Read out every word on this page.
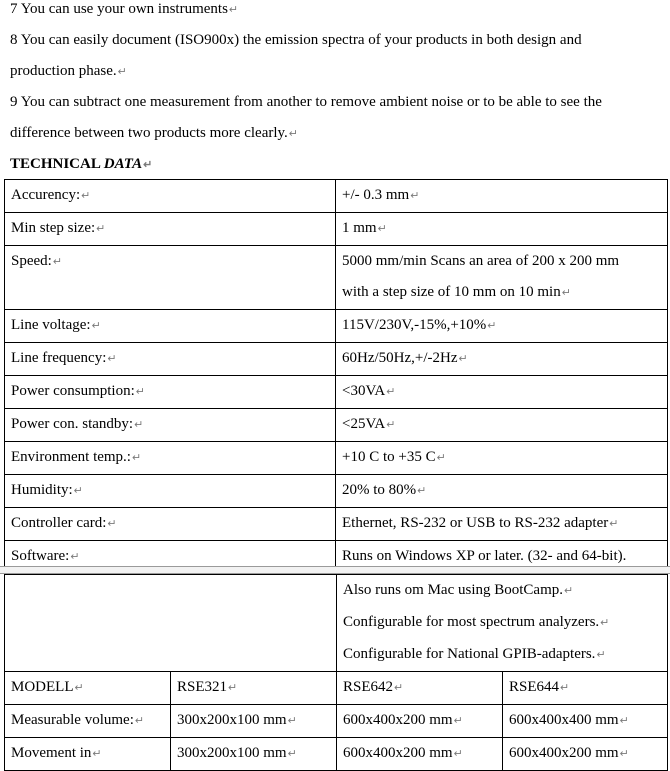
7 You can use your own instruments↵
8 You can easily document (ISO900x) the emission spectra of your products in both design and
production phase.↵
9 You can subtract one measurement from another to remove ambient noise or to be able to see the
difference between two products more clearly.↵
TECHNICAL DATA↵
Accurency:↵	+/- 0.3 mm↵

Min step size:↵	1 mm↵

Speed:↵	5000 mm/min Scans an area of 200 x 200 mm
with a step size of 10 mm on 10 min↵

Line voltage:↵	115V/230V,-15%,+10%↵

Line frequency:↵	60Hz/50Hz,+/-2Hz↵

Power consumption:↵	<30VA↵

Power con. standby:↵	<25VA↵

Environment temp.:↵	+10 C to +35 C↵

Humidity:↵	20% to 80%↵

Controller card:↵	Ethernet, RS-232 or USB to RS-232 adapter↵

Software:↵	Runs on Windows XP or later. (32- and 64-bit).

		Also runs om Mac using BootCamp.↵
Configurable for most spectrum analyzers.↵
Configurable for National GPIB-adapters.↵	

MODELL↵	RSE321↵	RSE642↵	RSE644↵
Measurable volume:↵	300x200x100 mm↵	600x400x200 mm↵	600x400x400 mm↵
Movement in↵	300x200x100 mm↵	600x400x200 mm↵	600x400x200 mm↵
